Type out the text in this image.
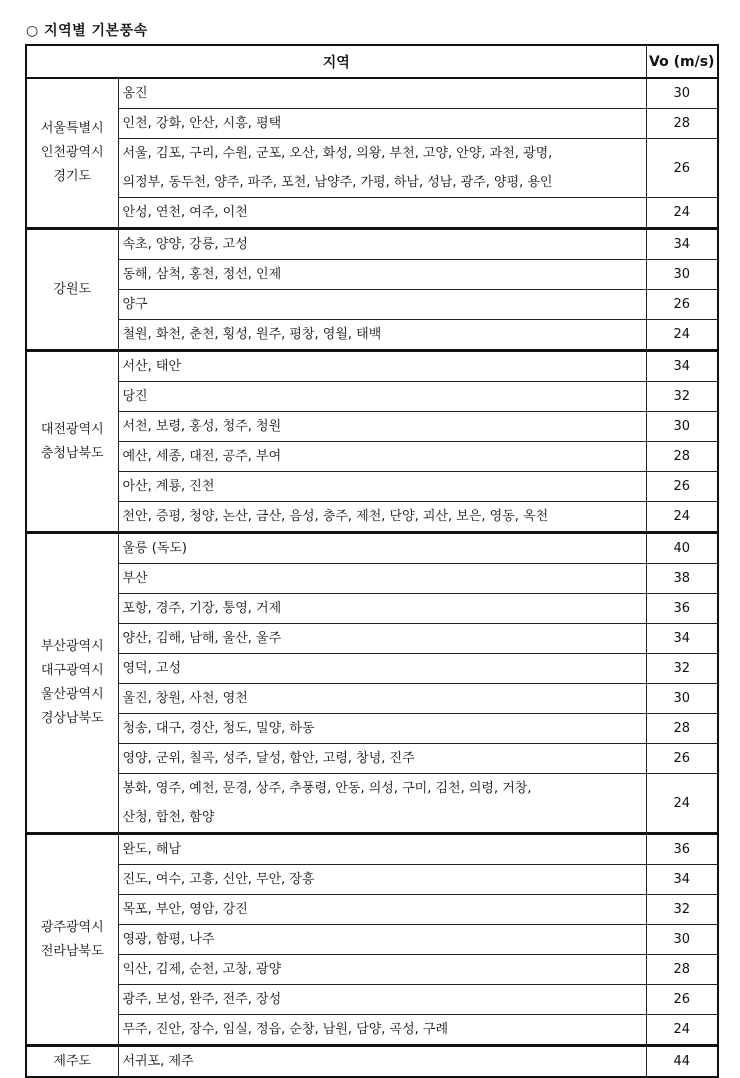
○ 지역별 기본풍속
지역		Vo (m/s)

서울특별시
인천광역시
경기도	옹진	30

	인천, 강화, 안산, 시흥, 평택	28

	서울, 김포, 구리, 수원, 군포, 오산, 화성, 의왕, 부천, 고양, 안양, 과천, 광명,
의정부, 동두천, 양주, 파주, 포천, 남양주, 가평, 하남, 성남, 광주, 양평, 용인	26

	안성, 연천, 여주, 이천	24

강원도	속초, 양양, 강릉, 고성	34

	동해, 삼척, 홍천, 정선, 인제	30

	양구	26

	철원, 화천, 춘천, 횡성, 원주, 평창, 영월, 태백	24

대전광역시
충청남북도	서산, 태안	34

	당진	32

	서천, 보령, 홍성, 청주, 청원	30

	예산, 세종, 대전, 공주, 부여	28

	아산, 계룡, 진천	26

	천안, 증평, 청양, 논산, 금산, 음성, 충주, 제천, 단양, 괴산, 보은, 영동, 옥천	24

부산광역시
대구광역시
울산광역시
경상남북도	울릉 (독도)	40

	부산	38

	포항, 경주, 기장, 통영, 거제	36

	양산, 김해, 남해, 울산, 울주	34

	영덕, 고성	32

	울진, 창원, 사천, 영천	30

	청송, 대구, 경산, 청도, 밀양, 하동	28

	영양, 군위, 칠곡, 성주, 달성, 함안, 고령, 창녕, 진주	26

	봉화, 영주, 예천, 문경, 상주, 추풍령, 안동, 의성, 구미, 김천, 의령, 거창,
산청, 합천, 함양	24

광주광역시
전라남북도	완도, 해남	36

	진도, 여수, 고흥, 신안, 무안, 장흥	34

	목포, 부안, 영암, 강진	32

	영광, 함평, 나주	30

	익산, 김제, 순천, 고창, 광양	28

	광주, 보성, 완주, 전주, 장성	26

	무주, 진안, 장수, 임실, 정읍, 순창, 남원, 담양, 곡성, 구례	24

제주도	서귀포, 제주	44
